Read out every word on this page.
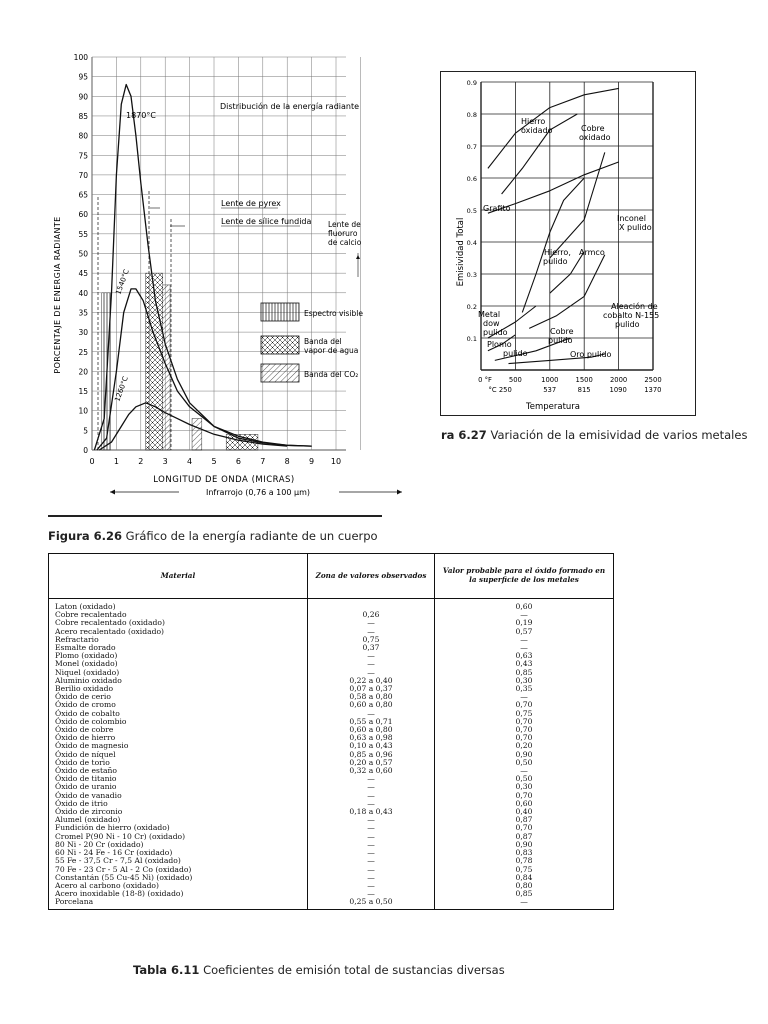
0
5
10
15
20
25
30
35
40
45
50
55
60
65
70
75
80
85
90
95
100
0 1 2 3 4 5 6 7 8 9 10
PORCENTAJE DE ENERGIA RADIANTE
LONGITUD DE ONDA (MICRAS)
Infrarrojo (0,76 a 100 µm)
Distribución de la energía radiante
1870°C
1540°C
1260°C
Lente de pyrex
Lente de sílice fundida Lente de
fluoruro
de calcio
Espectro visible
Banda del
vapor de agua
Banda del CO₂
Figura 6.26 Gráfico de la energía radiante de un cuerpo
0.9
0.8
0.7
0.6
0.5
0.4
0.3
0.2
0.1
0 °F	500	1000	1500	2000	2500
°C 250	537	815	1090	1370
Emisividad Total
Temperatura
Hierro
oxidado	Cobre
oxidado
Grafito
Inconel
X pulido
Hierro,
pulido
Armco
Metal
dow
pulido
Plomo
pulido
Cobre
pulido
Aleación de
cobalto N-155
pulido
Oro pulido
ra 6.27 Variación de la emisividad de varios metales
Material	Zona de valores observados	Valor probable para el óxido formado en la superficie de los metales
Laton (oxidado)		0,60
Cobre recalentado	0,26	—
Cobre recalentado (oxidado)	—	0,19
Acero recalentado (oxidado)	—	0,57
Refractario	0,75	—
Esmalte dorado	0,37	—
Plomo (oxidado)	—	0,63
Monel (oxidado)	—	0,43
Niquel (oxidado)	—	0,85
Aluminio oxidado	0,22 a 0,40	0,30
Berilio oxidado	0,07 a 0,37	0,35
Óxido de cerio	0,58 a 0,80	—
Óxido de cromo	0,60 a 0,80	0,70
Óxido de cobalto	—	0,75
Óxido de colombio	0,55 a 0,71	0,70
Óxido de cobre	0,60 a 0,80	0,70
Óxido de hierro	0,63 a 0,98	0,70
Óxido de magnesio	0,10 a 0,43	0,20
Óxido de níquel	0,85 a 0,96	0,90
Óxido de torio	0,20 a 0,57	0,50
Óxido de estaño	0,32 a 0,60	—
Óxido de titanio	—	0,50
Óxido de uranio	—	0,30
Óxido de vanadio	—	0,70
Óxido de itrio	—	0,60
Óxido de zirconio	0,18 a 0,43	0,40
Alumel (oxidado)	—	0,87
Fundición de hierro (oxidado)	—	0,70
Cromel P(90 Ni - 10 Cr) (oxidado)	—	0,87
80 Ni - 20 Cr (oxidado)	—	0,90
60 Ni - 24 Fe - 16 Cr (oxidado)	—	0,83
55 Fe - 37,5 Cr - 7,5 Al (oxidado)	—	0,78
70 Fe - 23 Cr - 5 Al - 2 Co (oxidado)	—	0,75
Constantán (55 Cu-45 Ni) (oxidado)	—	0,84
Acero al carbono (oxidado)	—	0,80
Acero inoxidable (18-8) (oxidado)	—	0,85
Porcelana	0,25 a 0,50	—
Tabla 6.11 Coeficientes de emisión total de sustancias diversas
